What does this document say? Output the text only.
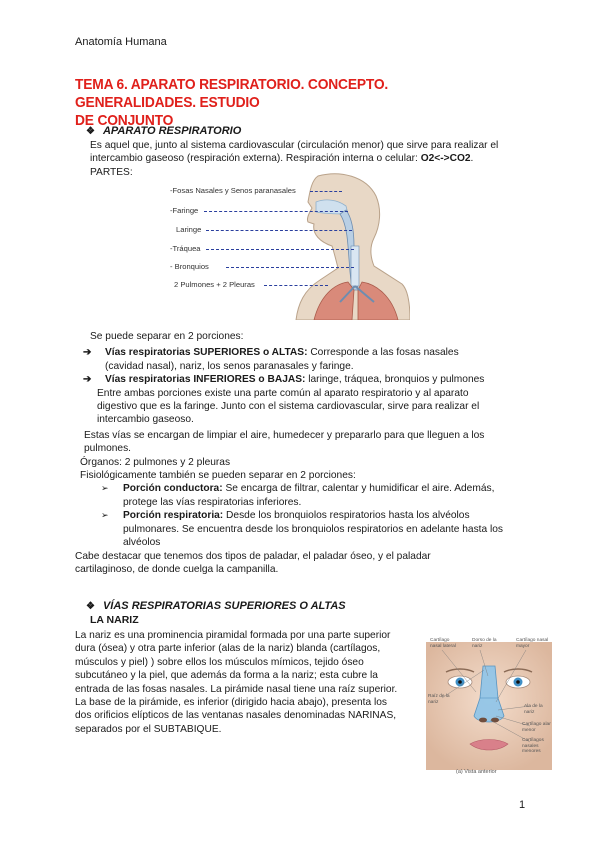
Anatomía Humana
TEMA 6. APARATO RESPIRATORIO. CONCEPTO. GENERALIDADES. ESTUDIO
DE CONJUNTO
❖ APARATO RESPIRATORIO
Es aquel que, junto al sistema cardiovascular (circulación menor) que sirve para realizar el
intercambio gaseoso (respiración externa). Respiración interna o celular: O2<->CO2.
PARTES:
-Fosas Nasales y Senos paranasales
-Faringe
Laringe
-Tráquea
- Bronquios
2 Pulmones + 2 Pleuras
Se puede separar en 2 porciones:
➔ Vías respiratorias SUPERIORES o ALTAS: Corresponde a las fosas nasales
(cavidad nasal), nariz, los senos paranasales y faringe.
➔ Vías respiratorias INFERIORES o BAJAS: laringe, tráquea, bronquios y pulmones
Entre ambas porciones existe una parte común al aparato respiratorio y al aparato
digestivo que es la faringe. Junto con el sistema cardiovascular, sirve para realizar el
intercambio gaseoso.
Estas vías se encargan de limpiar el aire, humedecer y prepararlo para que lleguen a los
pulmones.
Órganos: 2 pulmones y 2 pleuras
Fisiológicamente también se pueden separar en 2 porciones:
➢ Porción conductora: Se encarga de filtrar, calentar y humidificar el aire. Además,
protege las vías respiratorias inferiores.
➢ Porción respiratoria: Desde los bronquiolos respiratorios hasta los alvéolos
pulmonares. Se encuentra desde los bronquiolos respiratorios en adelante hasta los
alvéolos
Cabe destacar que tenemos dos tipos de paladar, el paladar óseo, y el paladar
cartilaginoso, de donde cuelga la campanilla.
❖ VÍAS RESPIRATORIAS SUPERIORES O ALTAS
LA NARIZ
La nariz es una prominencia piramidal formada por una parte superior
dura (ósea) y otra parte inferior (alas de la nariz) blanda (cartílagos,
músculos y piel) ) sobre ellos los músculos mímicos, tejido óseo
subcutáneo y la piel, que además da forma a la nariz; esta cubre la
entrada de las fosas nasales. La pirámide nasal tiene una raíz superior.
La base de la pirámide, es inferior (dirigido hacia abajo), presenta los
dos orificios elípticos de las ventanas nasales denominadas NARINAS,
separados por el SUBTABIQUE.
Cartílago nasal lateral
Dorso de la nariz
Cartílago nasal mayor
Raíz de la nariz
Ala de la nariz
Cartílago alar menor
Cartílagos nasales menores
(a) Vista anterior
1
